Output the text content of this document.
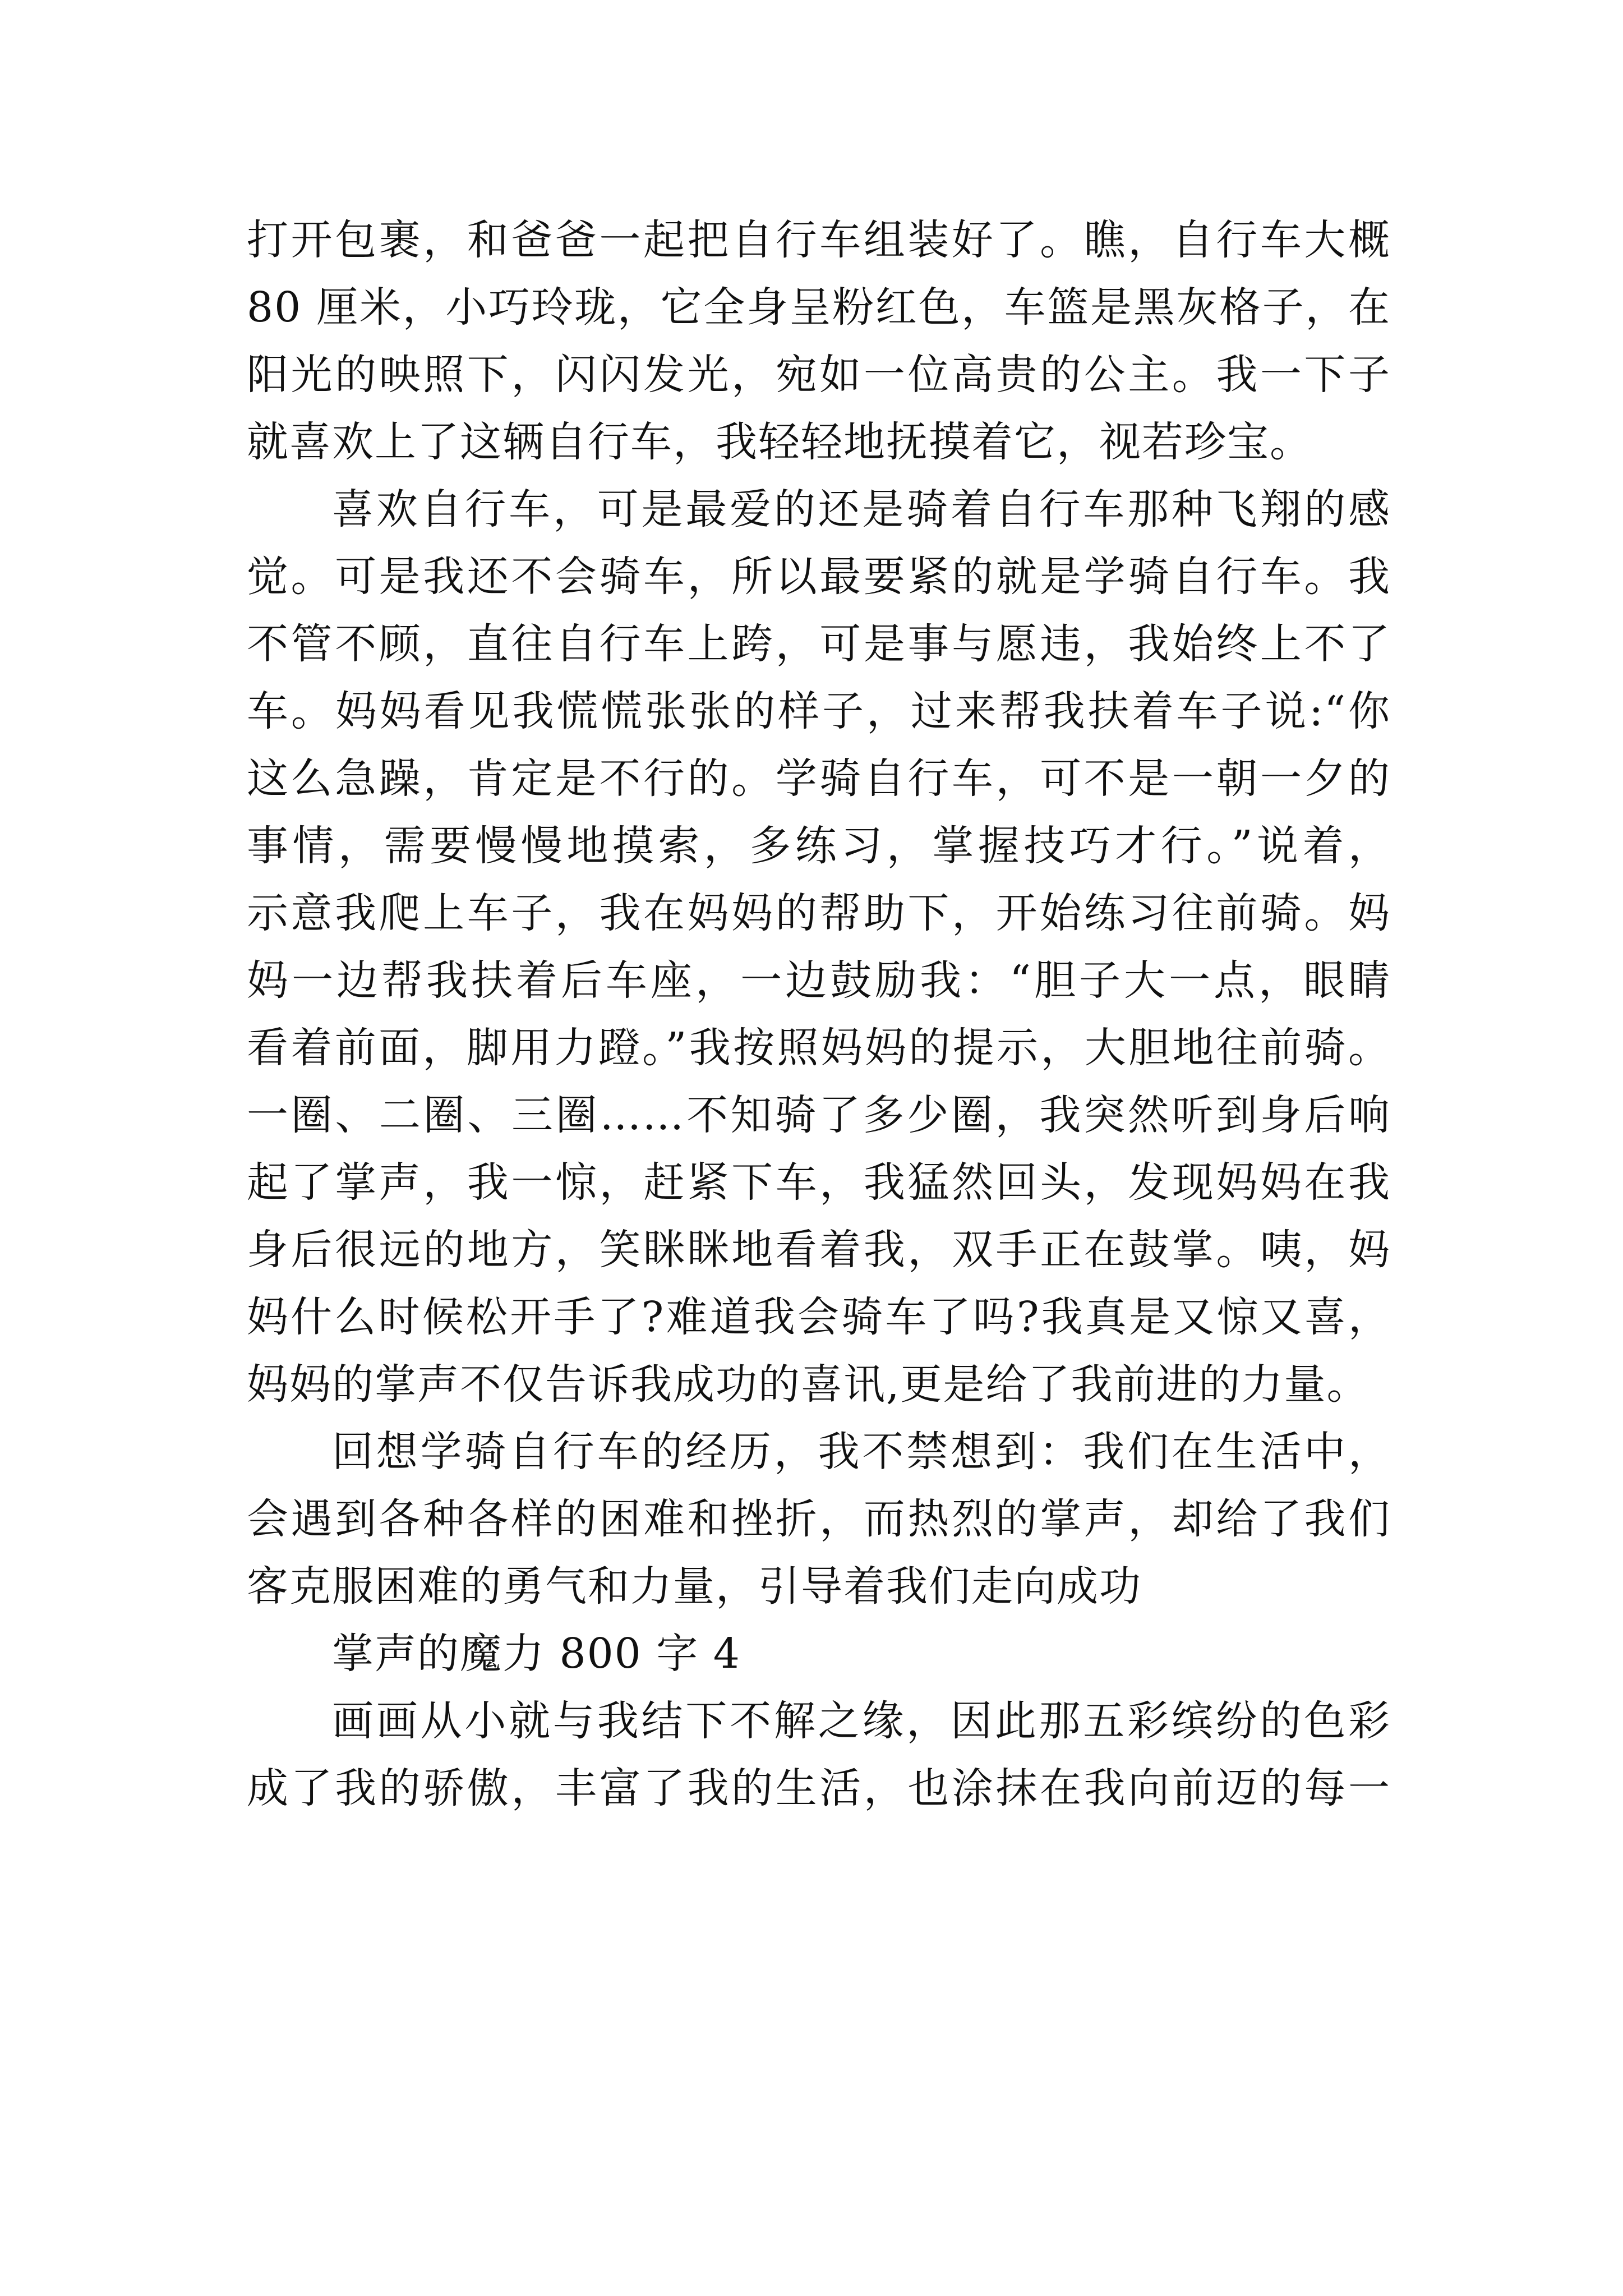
打开包裹，和爸爸一起把自行车组装好了。瞧，自行车大概
80 厘米，小巧玲珑，它全身呈粉红色，车篮是黑灰格子，在
阳光的映照下，闪闪发光，宛如一位高贵的公主。我一下子
就喜欢上了这辆自行车，我轻轻地抚摸着它，视若珍宝。
喜欢自行车，可是最爱的还是骑着自行车那种飞翔的感
觉。可是我还不会骑车，所以最要紧的就是学骑自行车。我
不管不顾，直往自行车上跨，可是事与愿违，我始终上不了
车。妈妈看见我慌慌张张的样子，过来帮我扶着车子说:“你
这么急躁，肯定是不行的。学骑自行车，可不是一朝一夕的
事情，需要慢慢地摸索，多练习，掌握技巧才行。”说着，
示意我爬上车子，我在妈妈的帮助下，开始练习往前骑。妈
妈一边帮我扶着后车座，一边鼓励我：“胆子大一点，眼睛
看着前面，脚用力蹬。”我按照妈妈的提示，大胆地往前骑。
一圈、二圈、三圈……不知骑了多少圈，我突然听到身后响
起了掌声，我一惊，赶紧下车，我猛然回头，发现妈妈在我
身后很远的地方，笑眯眯地看着我，双手正在鼓掌。咦，妈
妈什么时候松开手了?难道我会骑车了吗?我真是又惊又喜，
妈妈的掌声不仅告诉我成功的喜讯,更是给了我前进的力量。
回想学骑自行车的经历，我不禁想到：我们在生活中，
会遇到各种各样的困难和挫折，而热烈的掌声，却给了我们
客克服困难的勇气和力量，引导着我们走向成功
掌声的魔力 800 字 4
画画从小就与我结下不解之缘，因此那五彩缤纷的色彩
成了我的骄傲，丰富了我的生活，也涂抹在我向前迈的每一
